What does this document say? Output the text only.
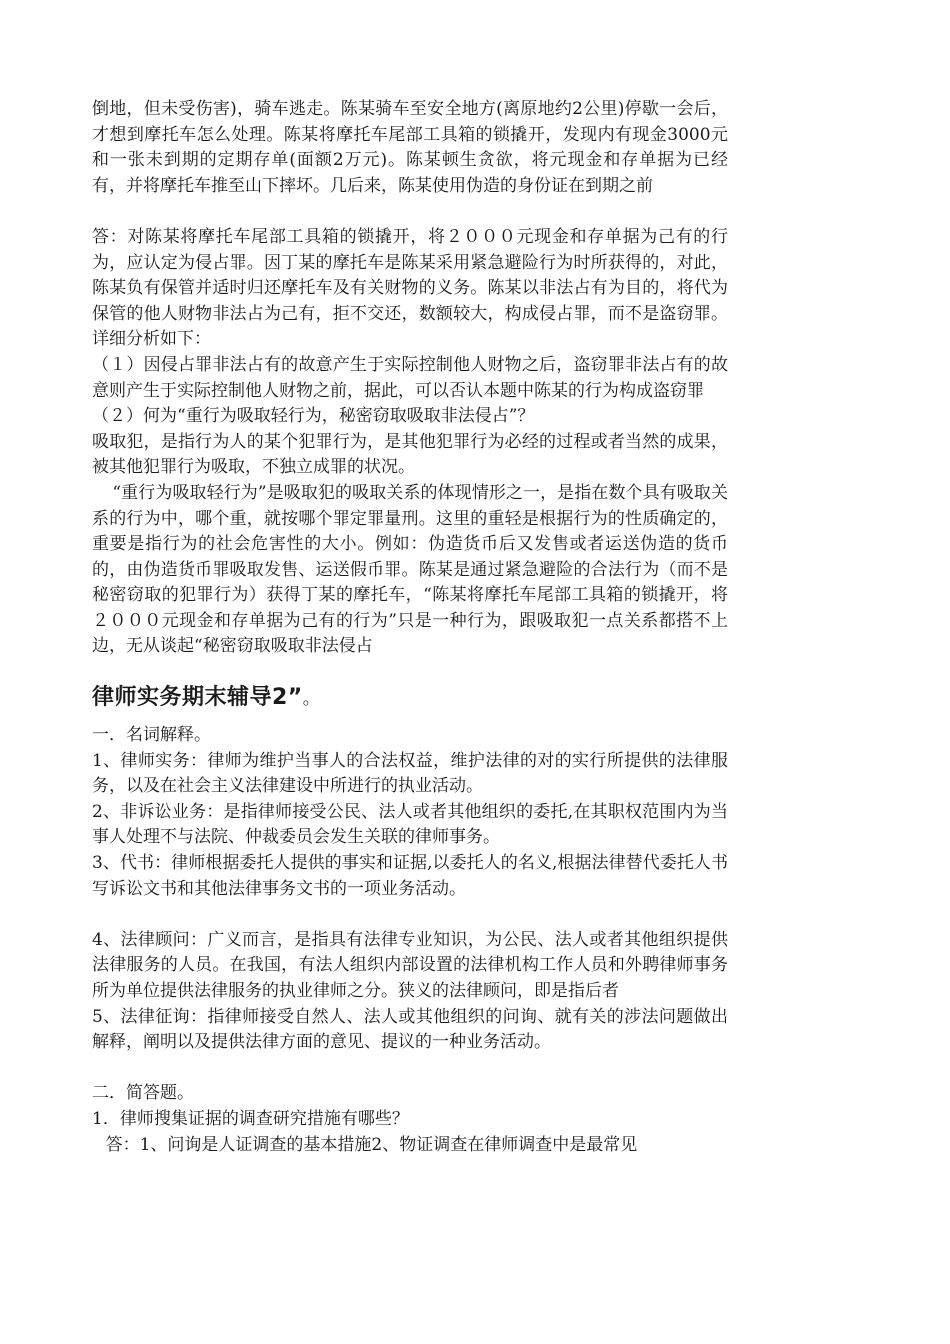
倒地，但未受伤害)，骑车逃走。陈某骑车至安全地方(离原地约2公里)停歇一会后，才想到摩托车怎么处理。陈某将摩托车尾部工具箱的锁撬开，发现内有现金3000元和一张未到期的定期存单(面额2万元)。陈某顿生贪欲，将元现金和存单据为已经有，并将摩托车推至山下摔坏。几后来，陈某使用伪造的身份证在到期之前

答：对陈某将摩托车尾部工具箱的锁撬开，将２０００元现金和存单据为己有的行为，应认定为侵占罪。因丁某的摩托车是陈某采用紧急避险行为时所获得的，对此，陈某负有保管并适时归还摩托车及有关财物的义务。陈某以非法占有为目的，将代为保管的他人财物非法占为己有，拒不交还，数额较大，构成侵占罪，而不是盗窃罪。详细分析如下：

（１）因侵占罪非法占有的故意产生于实际控制他人财物之后，盗窃罪非法占有的故意则产生于实际控制他人财物之前，据此，可以否认本题中陈某的行为构成盗窃罪

（２）何为“重行为吸取轻行为，秘密窃取吸取非法侵占”？

吸取犯，是指行为人的某个犯罪行为，是其他犯罪行为必经的过程或者当然的成果，被其他犯罪行为吸取，不独立成罪的状况。

“重行为吸取轻行为”是吸取犯的吸取关系的体现情形之一，是指在数个具有吸取关系的行为中，哪个重，就按哪个罪定罪量刑。这里的重轻是根据行为的性质确定的，重要是指行为的社会危害性的大小。例如：伪造货币后又发售或者运送伪造的货币的，由伪造货币罪吸取发售、运送假币罪。陈某是通过紧急避险的合法行为（而不是秘密窃取的犯罪行为）获得丁某的摩托车，“陈某将摩托车尾部工具箱的锁撬开，将２０００元现金和存单据为己有的行为”只是一种行为，跟吸取犯一点关系都搭不上边，无从谈起“秘密窃取吸取非法侵占

律师实务期末辅导2”。

一．名词解释。

1、律师实务：律师为维护当事人的合法权益，维护法律的对的实行所提供的法律服务，以及在社会主义法律建设中所进行的执业活动。

2、非诉讼业务：是指律师接受公民、法人或者其他组织的委托,在其职权范围内为当事人处理不与法院、仲裁委员会发生关联的律师事务。

3、代书：律师根据委托人提供的事实和证据,以委托人的名义,根据法律替代委托人书写诉讼文书和其他法律事务文书的一项业务活动。

4、法律顾问：广义而言，是指具有法律专业知识，为公民、法人或者其他组织提供法律服务的人员。在我国，有法人组织内部设置的法律机构工作人员和外聘律师事务所为单位提供法律服务的执业律师之分。狭义的法律顾问，即是指后者

5、法律征询：指律师接受自然人、法人或其他组织的问询、就有关的涉法问题做出解释，阐明以及提供法律方面的意见、提议的一种业务活动。

二．简答题。

1．律师搜集证据的调查研究措施有哪些？

答：1、问询是人证调查的基本措施2、物证调查在律师调查中是最常见
